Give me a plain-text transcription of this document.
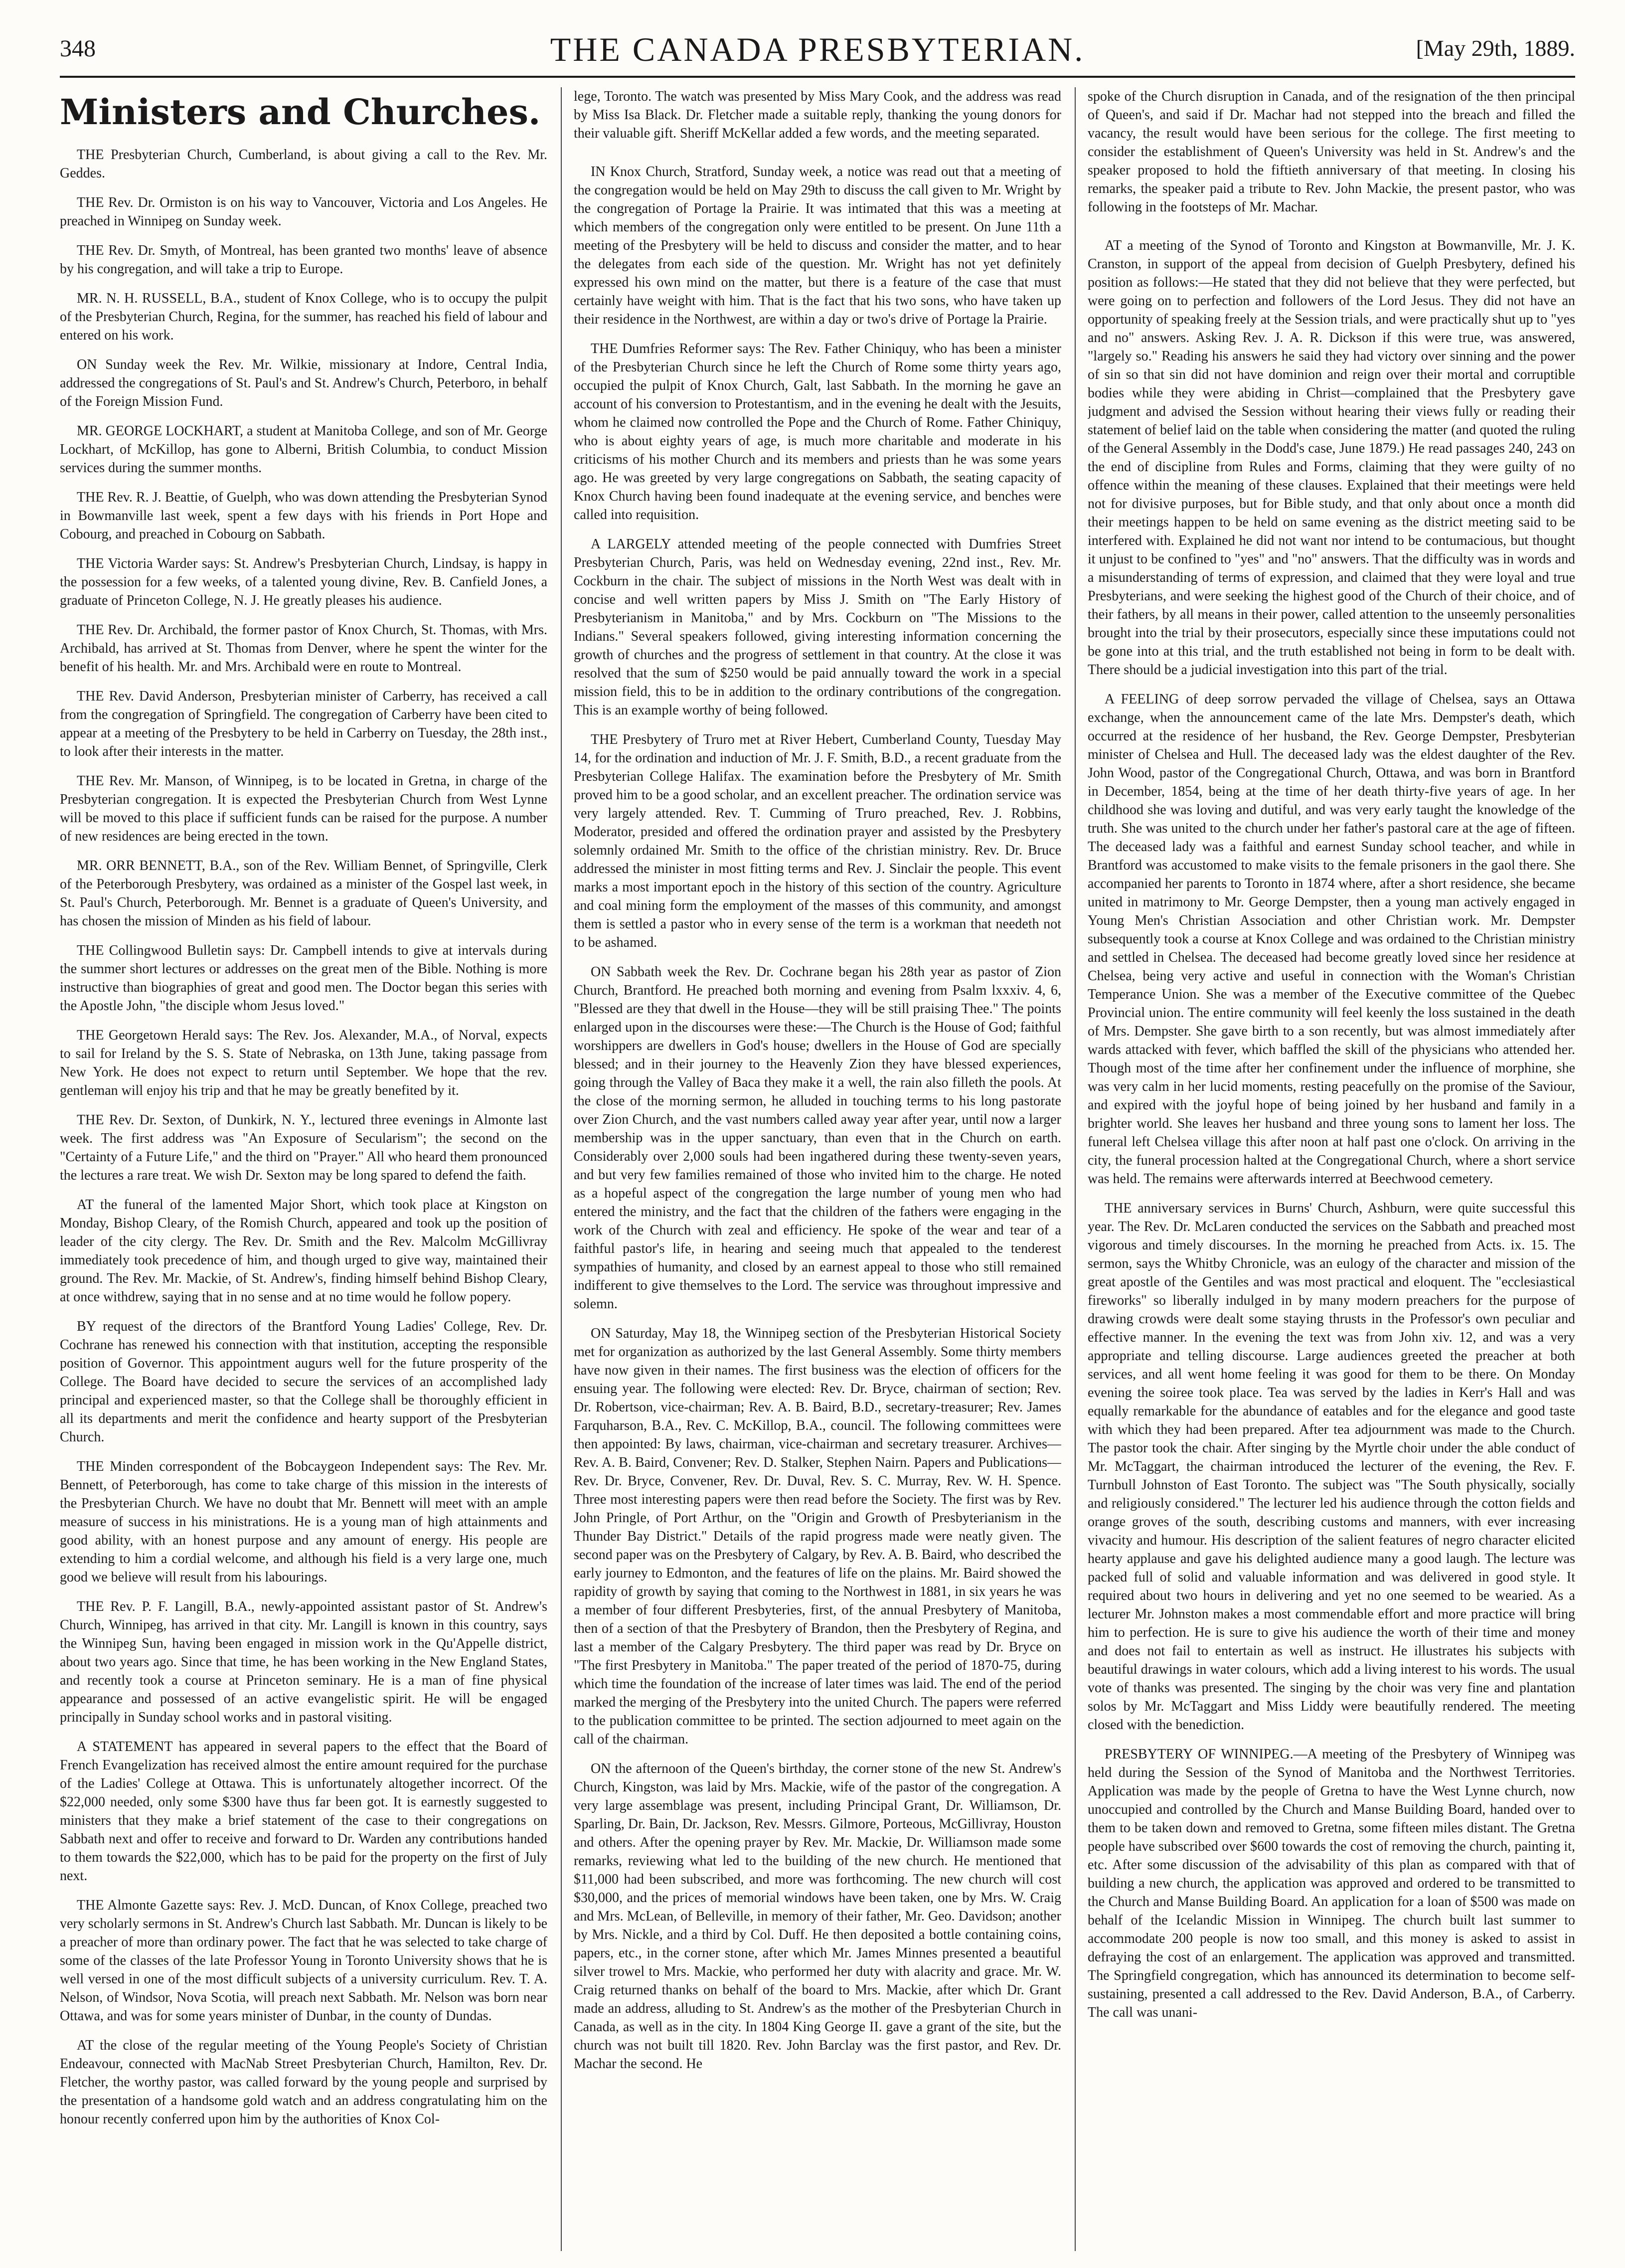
348	THE CANADA PRESBYTERIAN.	[May 29th, 1889.
Ministers and Churches.

THE Presbyterian Church, Cumberland, is about giving a call to the Rev. Mr. Geddes.

THE Rev. Dr. Ormiston is on his way to Vancouver, Victoria and Los Angeles. He preached in Winnipeg on Sunday week.

THE Rev. Dr. Smyth, of Montreal, has been granted two months' leave of absence by his congregation, and will take a trip to Europe.

MR. N. H. RUSSELL, B.A., student of Knox College, who is to occupy the pulpit of the Presbyterian Church, Regina, for the summer, has reached his field of labour and entered on his work.

ON Sunday week the Rev. Mr. Wilkie, missionary at Indore, Central India, addressed the congregations of St. Paul's and St. Andrew's Church, Peterboro, in behalf of the Foreign Mission Fund.

MR. GEORGE LOCKHART, a student at Manitoba College, and son of Mr. George Lockhart, of McKillop, has gone to Alberni, British Columbia, to conduct Mission services during the summer months.

THE Rev. R. J. Beattie, of Guelph, who was down attending the Presbyterian Synod in Bowmanville last week, spent a few days with his friends in Port Hope and Cobourg, and preached in Cobourg on Sabbath.

THE Victoria Warder says: St. Andrew's Presbyterian Church, Lindsay, is happy in the possession for a few weeks, of a talented young divine, Rev. B. Canfield Jones, a graduate of Princeton College, N. J. He greatly pleases his audience.

THE Rev. Dr. Archibald, the former pastor of Knox Church, St. Thomas, with Mrs. Archibald, has arrived at St. Thomas from Denver, where he spent the winter for the benefit of his health. Mr. and Mrs. Archibald were en route to Montreal.

THE Rev. David Anderson, Presbyterian minister of Carberry, has received a call from the congregation of Springfield. The congregation of Carberry have been cited to appear at a meeting of the Presbytery to be held in Carberry on Tuesday, the 28th inst., to look after their interests in the matter.

THE Rev. Mr. Manson, of Winnipeg, is to be located in Gretna, in charge of the Presbyterian congregation. It is expected the Presbyterian Church from West Lynne will be moved to this place if sufficient funds can be raised for the purpose. A number of new residences are being erected in the town.

MR. ORR BENNETT, B.A., son of the Rev. William Bennet, of Springville, Clerk of the Peterborough Presbytery, was ordained as a minister of the Gospel last week, in St. Paul's Church, Peterborough. Mr. Bennet is a graduate of Queen's University, and has chosen the mission of Minden as his field of labour.

THE Collingwood Bulletin says: Dr. Campbell intends to give at intervals during the summer short lectures or addresses on the great men of the Bible. Nothing is more instructive than biographies of great and good men. The Doctor began this series with the Apostle John, "the disciple whom Jesus loved."

THE Georgetown Herald says: The Rev. Jos. Alexander, M.A., of Norval, expects to sail for Ireland by the S. S. State of Nebraska, on 13th June, taking passage from New York. He does not expect to return until September. We hope that the rev. gentleman will enjoy his trip and that he may be greatly benefited by it.

THE Rev. Dr. Sexton, of Dunkirk, N. Y., lectured three evenings in Almonte last week. The first address was "An Exposure of Secularism"; the second on the "Certainty of a Future Life," and the third on "Prayer." All who heard them pronounced the lectures a rare treat. We wish Dr. Sexton may be long spared to defend the faith.

AT the funeral of the lamented Major Short, which took place at Kingston on Monday, Bishop Cleary, of the Romish Church, appeared and took up the position of leader of the city clergy. The Rev. Dr. Smith and the Rev. Malcolm McGillivray immediately took precedence of him, and though urged to give way, maintained their ground. The Rev. Mr. Mackie, of St. Andrew's, finding himself behind Bishop Cleary, at once withdrew, saying that in no sense and at no time would he follow popery.

BY request of the directors of the Brantford Young Ladies' College, Rev. Dr. Cochrane has renewed his connection with that institution, accepting the responsible position of Governor. This appointment augurs well for the future prosperity of the College. The Board have decided to secure the services of an accomplished lady principal and experienced master, so that the College shall be thoroughly efficient in all its departments and merit the confidence and hearty support of the Presbyterian Church.

THE Minden correspondent of the Bobcaygeon Independent says: The Rev. Mr. Bennett, of Peterborough, has come to take charge of this mission in the interests of the Presbyterian Church. We have no doubt that Mr. Bennett will meet with an ample measure of success in his ministrations. He is a young man of high attainments and good ability, with an honest purpose and any amount of energy. His people are extending to him a cordial welcome, and although his field is a very large one, much good we believe will result from his labourings.

THE Rev. P. F. Langill, B.A., newly-appointed assistant pastor of St. Andrew's Church, Winnipeg, has arrived in that city. Mr. Langill is known in this country, says the Winnipeg Sun, having been engaged in mission work in the Qu'Appelle district, about two years ago. Since that time, he has been working in the New England States, and recently took a course at Princeton seminary. He is a man of fine physical appearance and possessed of an active evangelistic spirit. He will be engaged principally in Sunday school works and in pastoral visiting.

A STATEMENT has appeared in several papers to the effect that the Board of French Evangelization has received almost the entire amount required for the purchase of the Ladies' College at Ottawa. This is unfortunately altogether incorrect. Of the $22,000 needed, only some $300 have thus far been got. It is earnestly suggested to ministers that they make a brief statement of the case to their congregations on Sabbath next and offer to receive and forward to Dr. Warden any contributions handed to them towards the $22,000, which has to be paid for the property on the first of July next.

THE Almonte Gazette says: Rev. J. McD. Duncan, of Knox College, preached two very scholarly sermons in St. Andrew's Church last Sabbath. Mr. Duncan is likely to be a preacher of more than ordinary power. The fact that he was selected to take charge of some of the classes of the late Professor Young in Toronto University shows that he is well versed in one of the most difficult subjects of a university curriculum. Rev. T. A. Nelson, of Windsor, Nova Scotia, will preach next Sabbath. Mr. Nelson was born near Ottawa, and was for some years minister of Dunbar, in the county of Dundas.

AT the close of the regular meeting of the Young People's Society of Christian Endeavour, connected with MacNab Street Presbyterian Church, Hamilton, Rev. Dr. Fletcher, the worthy pastor, was called forward by the young people and surprised by the presentation of a handsome gold watch and an address congratulating him on the honour recently conferred upon him by the authorities of Knox Col-

lege, Toronto. The watch was presented by Miss Mary Cook, and the address was read by Miss Isa Black. Dr. Fletcher made a suitable reply, thanking the young donors for their valuable gift. Sheriff McKellar added a few words, and the meeting separated.

IN Knox Church, Stratford, Sunday week, a notice was read out that a meeting of the congregation would be held on May 29th to discuss the call given to Mr. Wright by the congregation of Portage la Prairie. It was intimated that this was a meeting at which members of the congregation only were entitled to be present. On June 11th a meeting of the Presbytery will be held to discuss and consider the matter, and to hear the delegates from each side of the question. Mr. Wright has not yet definitely expressed his own mind on the matter, but there is a feature of the case that must certainly have weight with him. That is the fact that his two sons, who have taken up their residence in the Northwest, are within a day or two's drive of Portage la Prairie.

THE Dumfries Reformer says: The Rev. Father Chiniquy, who has been a minister of the Presbyterian Church since he left the Church of Rome some thirty years ago, occupied the pulpit of Knox Church, Galt, last Sabbath. In the morning he gave an account of his conversion to Protestantism, and in the evening he dealt with the Jesuits, whom he claimed now controlled the Pope and the Church of Rome. Father Chiniquy, who is about eighty years of age, is much more charitable and moderate in his criticisms of his mother Church and its members and priests than he was some years ago. He was greeted by very large congregations on Sabbath, the seating capacity of Knox Church having been found inadequate at the evening service, and benches were called into requisition.

A LARGELY attended meeting of the people connected with Dumfries Street Presbyterian Church, Paris, was held on Wednesday evening, 22nd inst., Rev. Mr. Cockburn in the chair. The subject of missions in the North West was dealt with in concise and well written papers by Miss J. Smith on "The Early History of Presbyterianism in Manitoba," and by Mrs. Cockburn on "The Missions to the Indians." Several speakers followed, giving interesting information concerning the growth of churches and the progress of settlement in that country. At the close it was resolved that the sum of $250 would be paid annually toward the work in a special mission field, this to be in addition to the ordinary contributions of the congregation. This is an example worthy of being followed.

THE Presbytery of Truro met at River Hebert, Cumberland County, Tuesday May 14, for the ordination and induction of Mr. J. F. Smith, B.D., a recent graduate from the Presbyterian College Halifax. The examination before the Presbytery of Mr. Smith proved him to be a good scholar, and an excellent preacher. The ordination service was very largely attended. Rev. T. Cumming of Truro preached, Rev. J. Robbins, Moderator, presided and offered the ordination prayer and assisted by the Presbytery solemnly ordained Mr. Smith to the office of the christian ministry. Rev. Dr. Bruce addressed the minister in most fitting terms and Rev. J. Sinclair the people. This event marks a most important epoch in the history of this section of the country. Agriculture and coal mining form the employment of the masses of this community, and amongst them is settled a pastor who in every sense of the term is a workman that needeth not to be ashamed.

ON Sabbath week the Rev. Dr. Cochrane began his 28th year as pastor of Zion Church, Brantford. He preached both morning and evening from Psalm lxxxiv. 4, 6, "Blessed are they that dwell in the House—they will be still praising Thee." The points enlarged upon in the discourses were these:—The Church is the House of God; faithful worshippers are dwellers in God's house; dwellers in the House of God are specially blessed; and in their journey to the Heavenly Zion they have blessed experiences, going through the Valley of Baca they make it a well, the rain also filleth the pools. At the close of the morning sermon, he alluded in touching terms to his long pastorate over Zion Church, and the vast numbers called away year after year, until now a larger membership was in the upper sanctuary, than even that in the Church on earth. Considerably over 2,000 souls had been ingathered during these twenty-seven years, and but very few families remained of those who invited him to the charge. He noted as a hopeful aspect of the congregation the large number of young men who had entered the ministry, and the fact that the children of the fathers were engaging in the work of the Church with zeal and efficiency. He spoke of the wear and tear of a faithful pastor's life, in hearing and seeing much that appealed to the tenderest sympathies of humanity, and closed by an earnest appeal to those who still remained indifferent to give themselves to the Lord. The service was throughout impressive and solemn.

ON Saturday, May 18, the Winnipeg section of the Presbyterian Historical Society met for organization as authorized by the last General Assembly. Some thirty members have now given in their names. The first business was the election of officers for the ensuing year. The following were elected: Rev. Dr. Bryce, chairman of section; Rev. Dr. Robertson, vice-chairman; Rev. A. B. Baird, B.D., secretary-treasurer; Rev. James Farquharson, B.A., Rev. C. McKillop, B.A., council. The following committees were then appointed: By laws, chairman, vice-chairman and secretary treasurer. Archives—Rev. A. B. Baird, Convener; Rev. D. Stalker, Stephen Nairn. Papers and Publications—Rev. Dr. Bryce, Convener, Rev. Dr. Duval, Rev. S. C. Murray, Rev. W. H. Spence. Three most interesting papers were then read before the Society. The first was by Rev. John Pringle, of Port Arthur, on the "Origin and Growth of Presbyterianism in the Thunder Bay District." Details of the rapid progress made were neatly given. The second paper was on the Presbytery of Calgary, by Rev. A. B. Baird, who described the early journey to Edmonton, and the features of life on the plains. Mr. Baird showed the rapidity of growth by saying that coming to the Northwest in 1881, in six years he was a member of four different Presbyteries, first, of the annual Presbytery of Manitoba, then of a section of that the Presbytery of Brandon, then the Presbytery of Regina, and last a member of the Calgary Presbytery. The third paper was read by Dr. Bryce on "The first Presbytery in Manitoba." The paper treated of the period of 1870-75, during which time the foundation of the increase of later times was laid. The end of the period marked the merging of the Presbytery into the united Church. The papers were referred to the publication committee to be printed. The section adjourned to meet again on the call of the chairman.

ON the afternoon of the Queen's birthday, the corner stone of the new St. Andrew's Church, Kingston, was laid by Mrs. Mackie, wife of the pastor of the congregation. A very large assemblage was present, including Principal Grant, Dr. Williamson, Dr. Sparling, Dr. Bain, Dr. Jackson, Rev. Messrs. Gilmore, Porteous, McGillivray, Houston and others. After the opening prayer by Rev. Mr. Mackie, Dr. Williamson made some remarks, reviewing what led to the building of the new church. He mentioned that $11,000 had been subscribed, and more was forthcoming. The new church will cost $30,000, and the prices of memorial windows have been taken, one by Mrs. W. Craig and Mrs. McLean, of Belleville, in memory of their father, Mr. Geo. Davidson; another by Mrs. Nickle, and a third by Col. Duff. He then deposited a bottle containing coins, papers, etc., in the corner stone, after which Mr. James Minnes presented a beautiful silver trowel to Mrs. Mackie, who performed her duty with alacrity and grace. Mr. W. Craig returned thanks on behalf of the board to Mrs. Mackie, after which Dr. Grant made an address, alluding to St. Andrew's as the mother of the Presbyterian Church in Canada, as well as in the city. In 1804 King George II. gave a grant of the site, but the church was not built till 1820. Rev. John Barclay was the first pastor, and Rev. Dr. Machar the second. He

spoke of the Church disruption in Canada, and of the resignation of the then principal of Queen's, and said if Dr. Machar had not stepped into the breach and filled the vacancy, the result would have been serious for the college. The first meeting to consider the establishment of Queen's University was held in St. Andrew's and the speaker proposed to hold the fiftieth anniversary of that meeting. In closing his remarks, the speaker paid a tribute to Rev. John Mackie, the present pastor, who was following in the footsteps of Mr. Machar.

AT a meeting of the Synod of Toronto and Kingston at Bowmanville, Mr. J. K. Cranston, in support of the appeal from decision of Guelph Presbytery, defined his position as follows:—He stated that they did not believe that they were perfected, but were going on to perfection and followers of the Lord Jesus. They did not have an opportunity of speaking freely at the Session trials, and were practically shut up to "yes and no" answers. Asking Rev. J. A. R. Dickson if this were true, was answered, "largely so." Reading his answers he said they had victory over sinning and the power of sin so that sin did not have dominion and reign over their mortal and corruptible bodies while they were abiding in Christ—complained that the Presbytery gave judgment and advised the Session without hearing their views fully or reading their statement of belief laid on the table when considering the matter (and quoted the ruling of the General Assembly in the Dodd's case, June 1879.) He read passages 240, 243 on the end of discipline from Rules and Forms, claiming that they were guilty of no offence within the meaning of these clauses. Explained that their meetings were held not for divisive purposes, but for Bible study, and that only about once a month did their meetings happen to be held on same evening as the district meeting said to be interfered with. Explained he did not want nor intend to be contumacious, but thought it unjust to be confined to "yes" and "no" answers. That the difficulty was in words and a misunderstanding of terms of expression, and claimed that they were loyal and true Presbyterians, and were seeking the highest good of the Church of their choice, and of their fathers, by all means in their power, called attention to the unseemly personalities brought into the trial by their prosecutors, especially since these imputations could not be gone into at this trial, and the truth established not being in form to be dealt with. There should be a judicial investigation into this part of the trial.

A FEELING of deep sorrow pervaded the village of Chelsea, says an Ottawa exchange, when the announcement came of the late Mrs. Dempster's death, which occurred at the residence of her husband, the Rev. George Dempster, Presbyterian minister of Chelsea and Hull. The deceased lady was the eldest daughter of the Rev. John Wood, pastor of the Congregational Church, Ottawa, and was born in Brantford in December, 1854, being at the time of her death thirty-five years of age. In her childhood she was loving and dutiful, and was very early taught the knowledge of the truth. She was united to the church under her father's pastoral care at the age of fifteen. The deceased lady was a faithful and earnest Sunday school teacher, and while in Brantford was accustomed to make visits to the female prisoners in the gaol there. She accompanied her parents to Toronto in 1874 where, after a short residence, she became united in matrimony to Mr. George Dempster, then a young man actively engaged in Young Men's Christian Association and other Christian work. Mr. Dempster subsequently took a course at Knox College and was ordained to the Christian ministry and settled in Chelsea. The deceased had become greatly loved since her residence at Chelsea, being very active and useful in connection with the Woman's Christian Temperance Union. She was a member of the Executive committee of the Quebec Provincial union. The entire community will feel keenly the loss sustained in the death of Mrs. Dempster. She gave birth to a son recently, but was almost immediately after wards attacked with fever, which baffled the skill of the physicians who attended her. Though most of the time after her confinement under the influence of morphine, she was very calm in her lucid moments, resting peacefully on the promise of the Saviour, and expired with the joyful hope of being joined by her husband and family in a brighter world. She leaves her husband and three young sons to lament her loss. The funeral left Chelsea village this after noon at half past one o'clock. On arriving in the city, the funeral procession halted at the Congregational Church, where a short service was held. The remains were afterwards interred at Beechwood cemetery.

THE anniversary services in Burns' Church, Ashburn, were quite successful this year. The Rev. Dr. McLaren conducted the services on the Sabbath and preached most vigorous and timely discourses. In the morning he preached from Acts. ix. 15. The sermon, says the Whitby Chronicle, was an eulogy of the character and mission of the great apostle of the Gentiles and was most practical and eloquent. The "ecclesiastical fireworks" so liberally indulged in by many modern preachers for the purpose of drawing crowds were dealt some staying thrusts in the Professor's own peculiar and effective manner. In the evening the text was from John xiv. 12, and was a very appropriate and telling discourse. Large audiences greeted the preacher at both services, and all went home feeling it was good for them to be there. On Monday evening the soiree took place. Tea was served by the ladies in Kerr's Hall and was equally remarkable for the abundance of eatables and for the elegance and good taste with which they had been prepared. After tea adjournment was made to the Church. The pastor took the chair. After singing by the Myrtle choir under the able conduct of Mr. McTaggart, the chairman introduced the lecturer of the evening, the Rev. F. Turnbull Johnston of East Toronto. The subject was "The South physically, socially and religiously considered." The lecturer led his audience through the cotton fields and orange groves of the south, describing customs and manners, with ever increasing vivacity and humour. His description of the salient features of negro character elicited hearty applause and gave his delighted audience many a good laugh. The lecture was packed full of solid and valuable information and was delivered in good style. It required about two hours in delivering and yet no one seemed to be wearied. As a lecturer Mr. Johnston makes a most commendable effort and more practice will bring him to perfection. He is sure to give his audience the worth of their time and money and does not fail to entertain as well as instruct. He illustrates his subjects with beautiful drawings in water colours, which add a living interest to his words. The usual vote of thanks was presented. The singing by the choir was very fine and plantation solos by Mr. McTaggart and Miss Liddy were beautifully rendered. The meeting closed with the benediction.

PRESBYTERY OF WINNIPEG.—A meeting of the Presbytery of Winnipeg was held during the Session of the Synod of Manitoba and the Northwest Territories. Application was made by the people of Gretna to have the West Lynne church, now unoccupied and controlled by the Church and Manse Building Board, handed over to them to be taken down and removed to Gretna, some fifteen miles distant. The Gretna people have subscribed over $600 towards the cost of removing the church, painting it, etc. After some discussion of the advisability of this plan as compared with that of building a new church, the application was approved and ordered to be transmitted to the Church and Manse Building Board. An application for a loan of $500 was made on behalf of the Icelandic Mission in Winnipeg. The church built last summer to accommodate 200 people is now too small, and this money is asked to assist in defraying the cost of an enlargement. The application was approved and transmitted. The Springfield congregation, which has announced its determination to become self-sustaining, presented a call addressed to the Rev. David Anderson, B.A., of Carberry. The call was unani-
